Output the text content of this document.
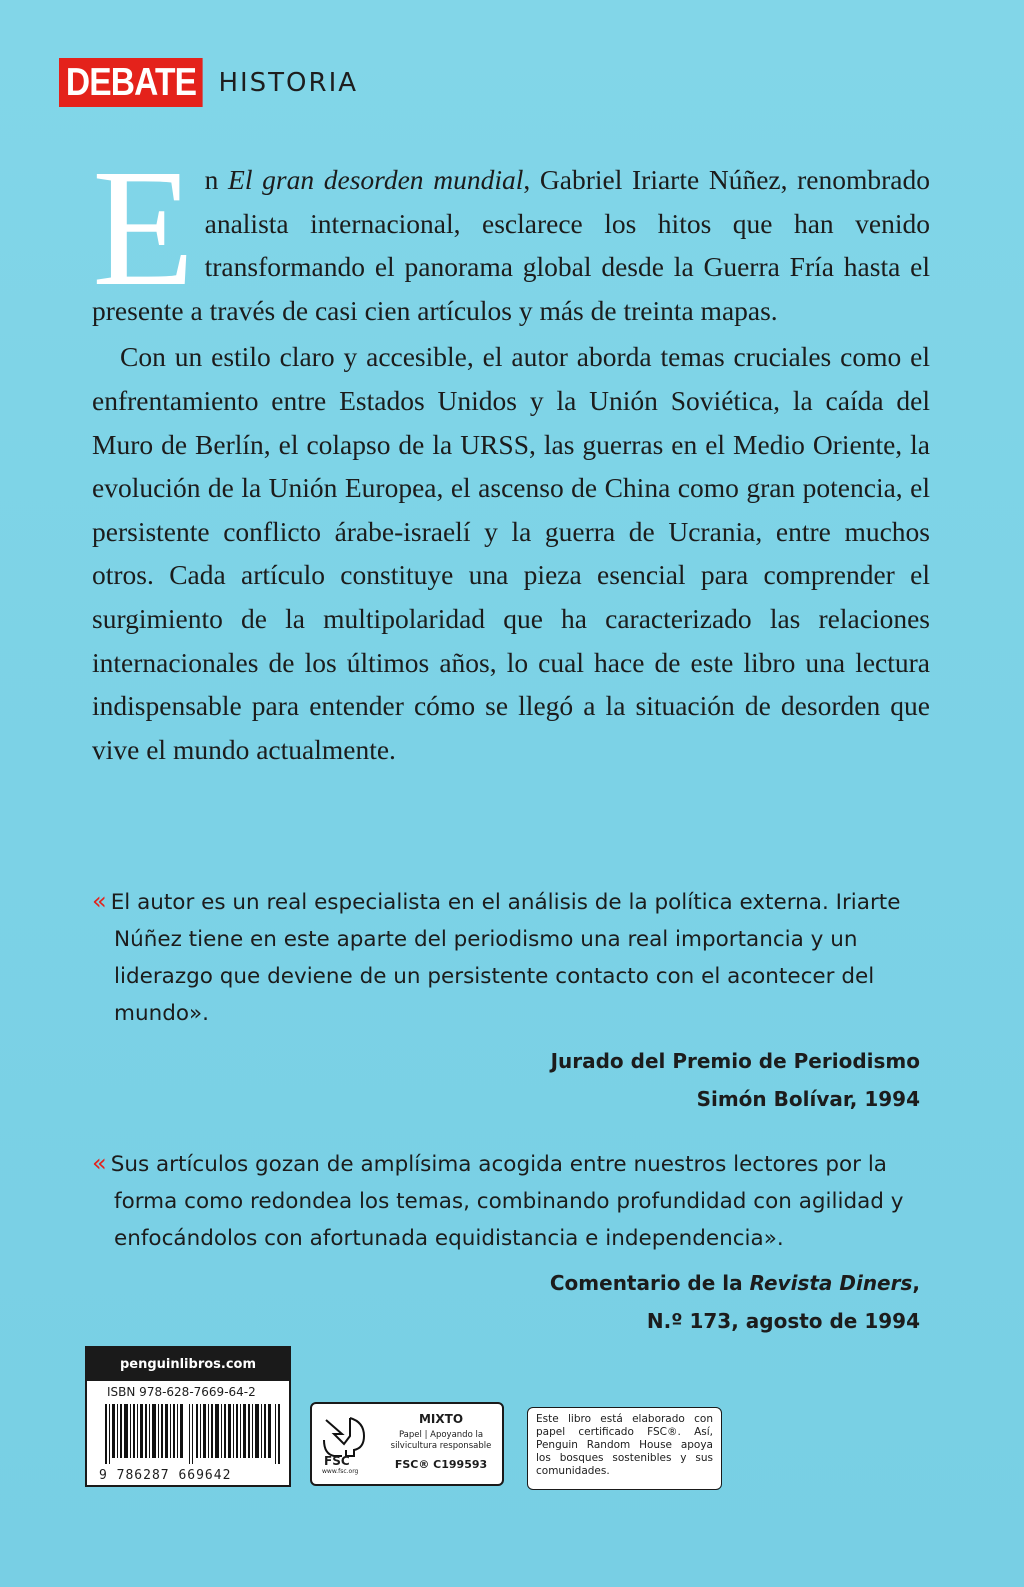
DEBATE HISTORIA

En El gran desorden mundial, Gabriel Iriarte Núñez, renombrado analista internacional, esclarece los hitos que han venido transformando el panorama global desde la Guerra Fría hasta el presente a través de casi cien artículos y más de treinta mapas.

Con un estilo claro y accesible, el autor aborda temas cruciales como el enfrentamiento entre Estados Unidos y la Unión Soviética, la caída del Muro de Berlín, el colapso de la URSS, las guerras en el Medio Oriente, la evolución de la Unión Europea, el ascenso de China como gran potencia, el persistente conflicto árabe-israelí y la guerra de Ucrania, entre muchos otros. Cada artículo constituye una pieza esencial para comprender el surgimiento de la multipolaridad que ha caracterizado las relaciones internacionales de los últimos años, lo cual hace de este libro una lectura indispensable para entender cómo se llegó a la situación de desorden que vive el mundo actualmente.

« El autor es un real especialista en el análisis de la política externa. Iriarte Núñez tiene en este aparte del periodismo una real importancia y un liderazgo que deviene de un persistente contacto con el acontecer del mundo».
Jurado del Premio de Periodismo
Simón Bolívar, 1994
« Sus artículos gozan de amplísima acogida entre nuestros lectores por la forma como redondea los temas, combinando profundidad con agilidad y enfocándolos con afortunada equidistancia e independencia».
Comentario de la Revista Diners,
N.º 173, agosto de 1994
penguinlibros.com
ISBN 978-628-7669-64-2
9 786287 669642
FSC
www.fsc.org
MIXTO
Papel | Apoyando la silvicultura responsable
FSC® C199593
Este libro está elaborado con papel certificado FSC®. Así, Penguin Random House apoya los bosques sostenibles y sus comunidades.
